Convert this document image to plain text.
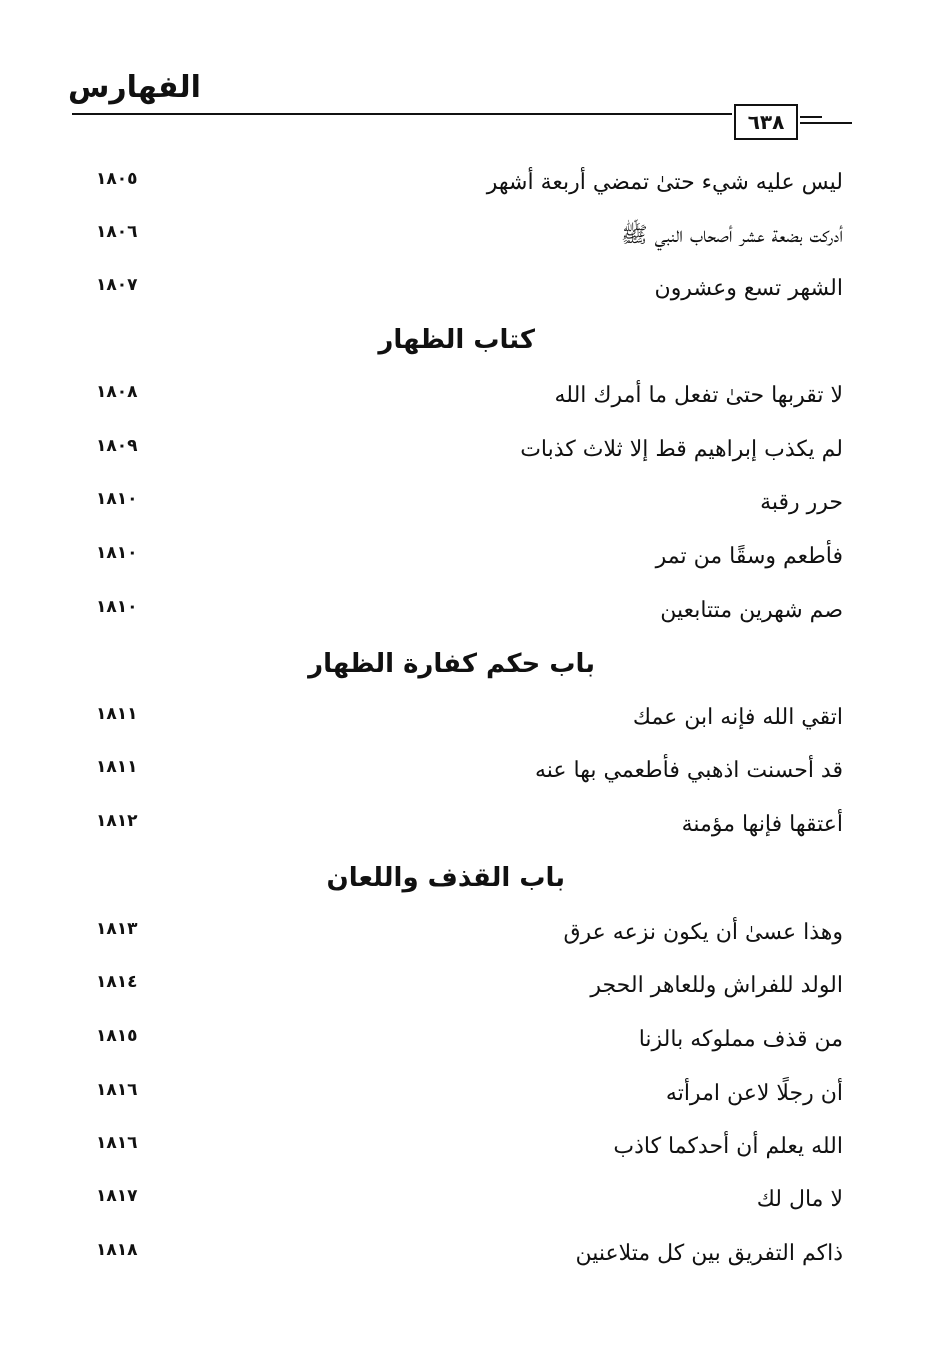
الفهارس
٦٣٨
ليس عليه شيء حتىٰ تمضي أربعة أشهر
١٨٠٥
أدركت بضعة عشر أصحاب النبي ﷺ
١٨٠٦
الشهر تسع وعشرون
١٨٠٧
كتاب الظهار
لا تقربها حتىٰ تفعل ما أمرك الله
١٨٠٨
لم يكذب إبراهيم قط إلا ثلاث كذبات
١٨٠٩
حرر رقبة
١٨١٠
فأطعم وسقًا من تمر
١٨١٠
صم شهرين متتابعين
١٨١٠
باب حكم كفارة الظهار
اتقي الله فإنه ابن عمك
١٨١١
قد أحسنت اذهبي فأطعمي بها عنه
١٨١١
أعتقها فإنها مؤمنة
١٨١٢
باب القذف واللعان
وهذا عسىٰ أن يكون نزعه عرق
١٨١٣
الولد للفراش وللعاهر الحجر
١٨١٤
من قذف مملوكه بالزنا
١٨١٥
أن رجلًا لاعن امرأته
١٨١٦
الله يعلم أن أحدكما كاذب
١٨١٦
لا مال لك
١٨١٧
ذاكم التفريق بين كل متلاعنين
١٨١٨
